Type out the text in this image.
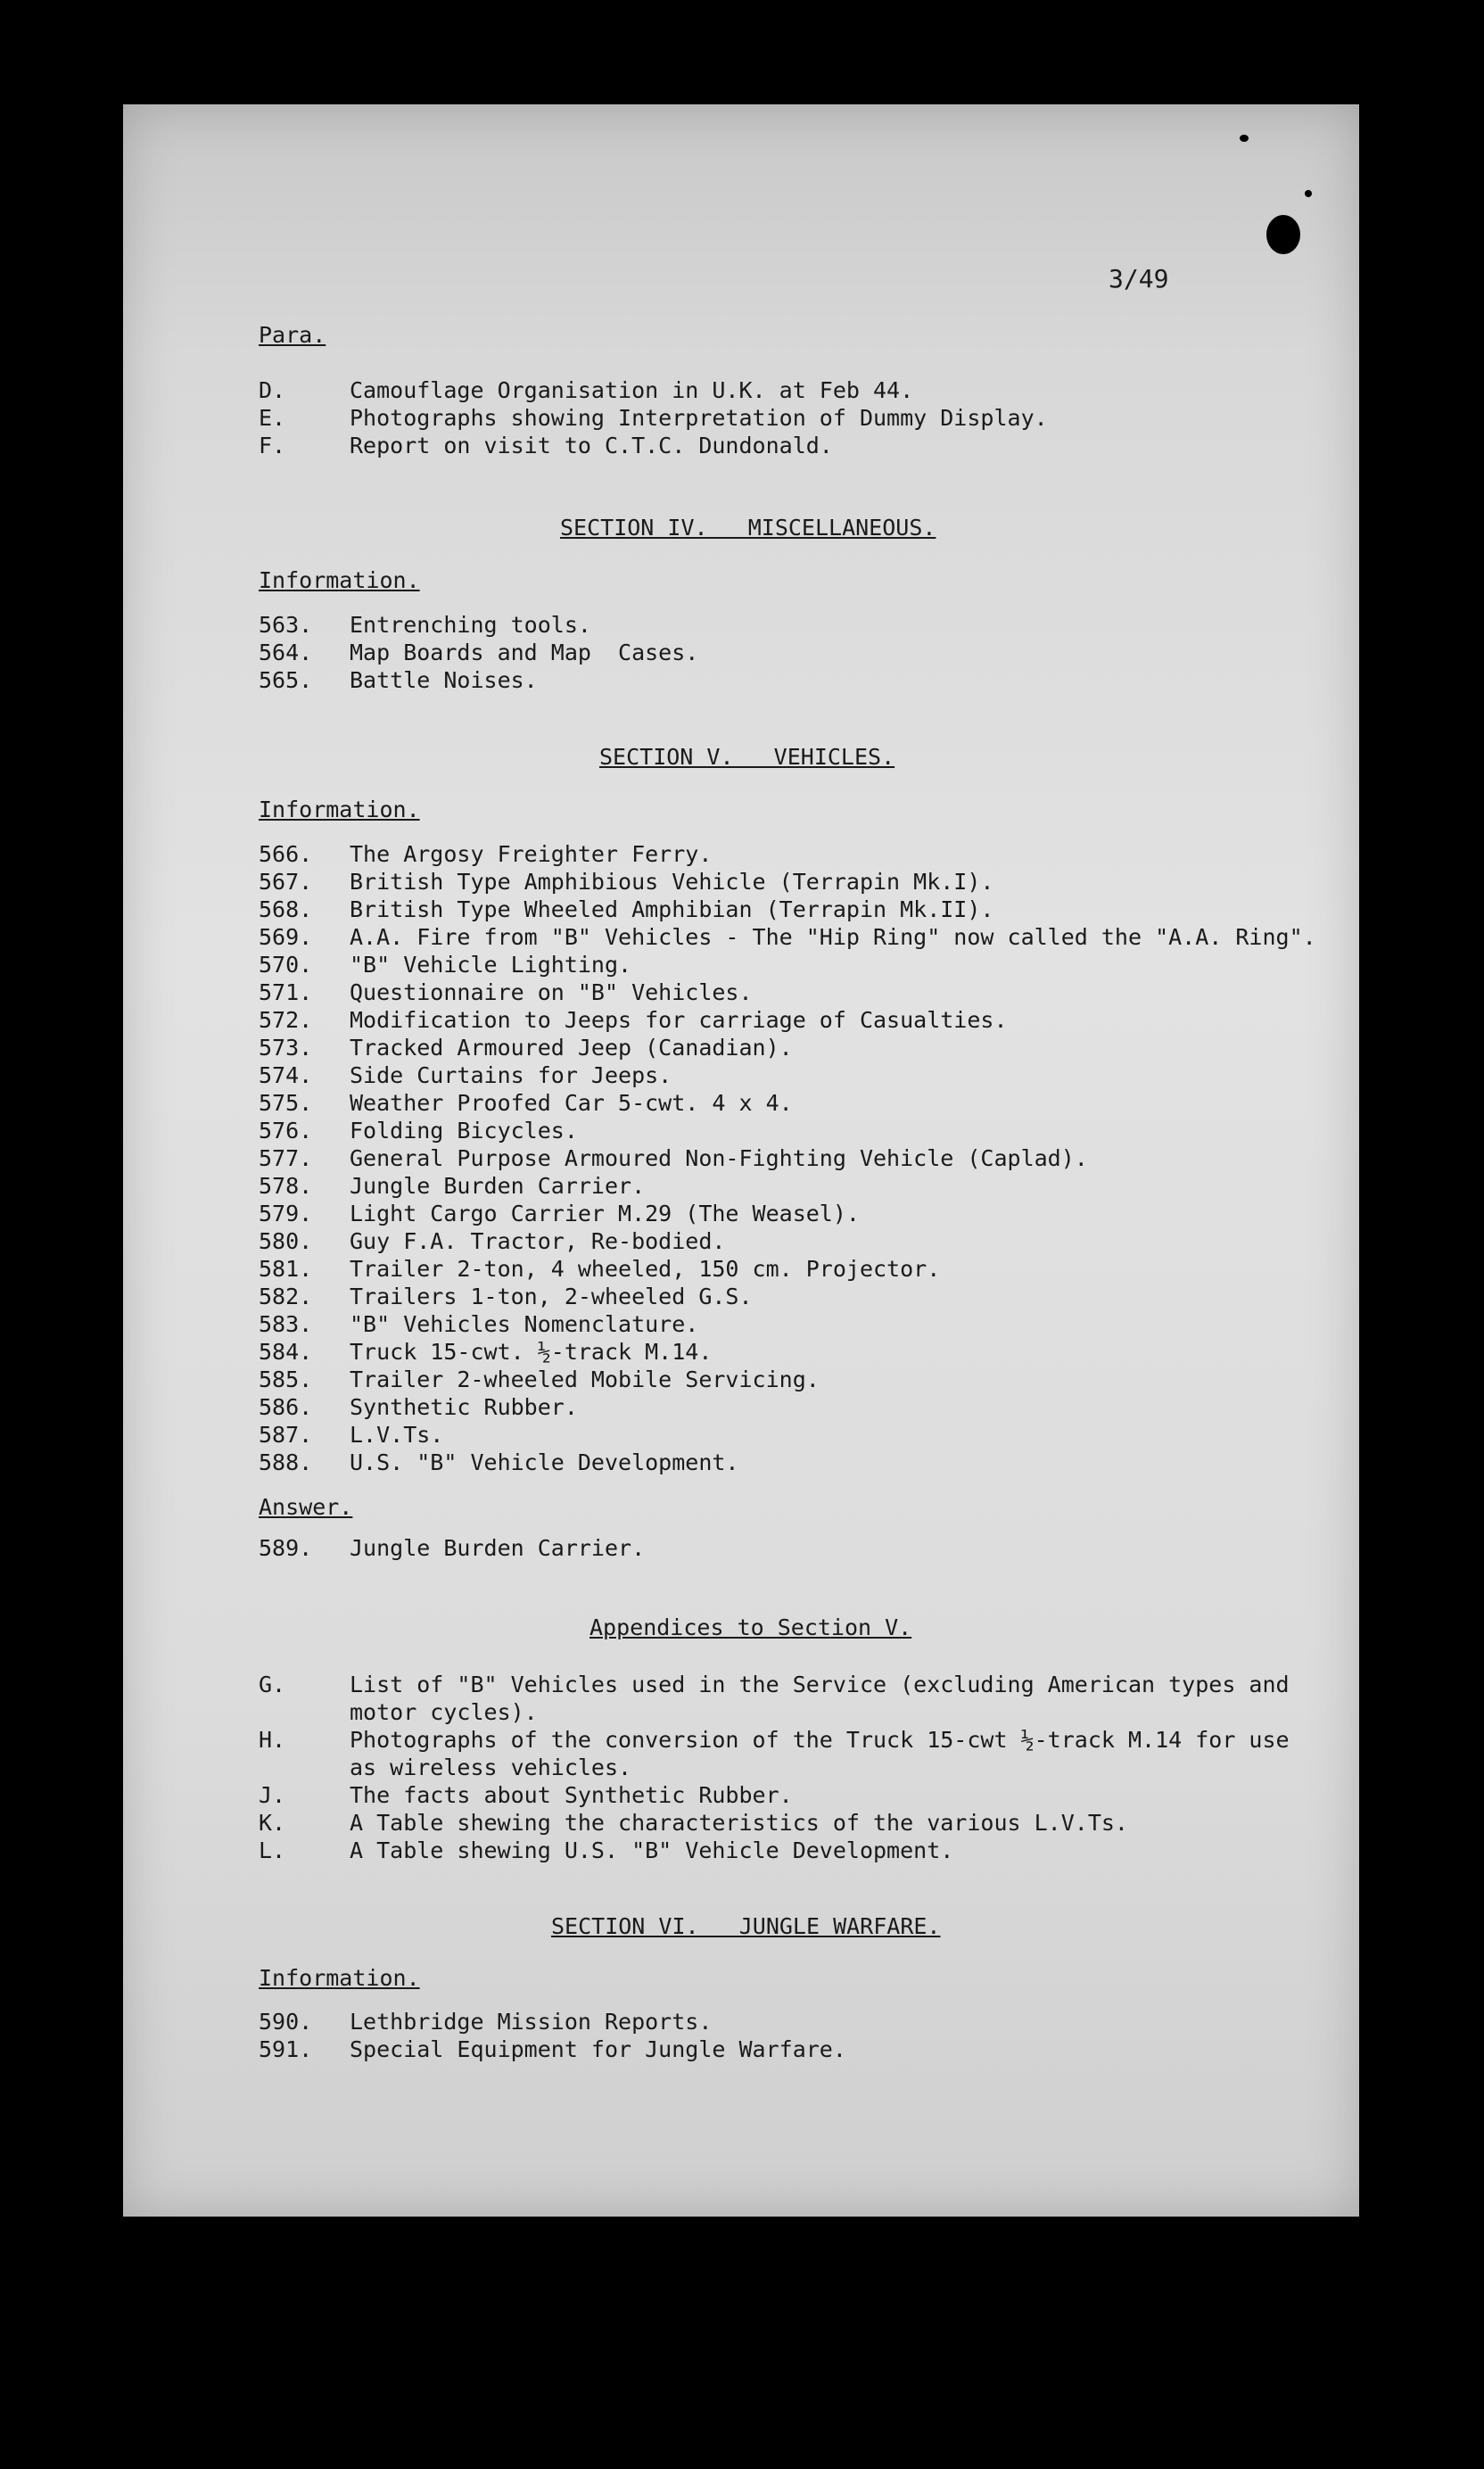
3/49
Para.
D.	Camouflage Organisation in U.K. at Feb 44.
E.	Photographs showing Interpretation of Dummy Display.
F.	Report on visit to C.T.C. Dundonald.
SECTION IV.   MISCELLANEOUS.
Information.
563.	Entrenching tools.
564.	Map Boards and Map  Cases.
565.	Battle Noises.
SECTION V.   VEHICLES.
Information.
566.	The Argosy Freighter Ferry.
567.	British Type Amphibious Vehicle (Terrapin Mk.I).
568.	British Type Wheeled Amphibian (Terrapin Mk.II).
569.	A.A. Fire from "B" Vehicles - The "Hip Ring" now called the "A.A. Ring".
570.	"B" Vehicle Lighting.
571.	Questionnaire on "B" Vehicles.
572.	Modification to Jeeps for carriage of Casualties.
573.	Tracked Armoured Jeep (Canadian).
574.	Side Curtains for Jeeps.
575.	Weather Proofed Car 5-cwt. 4 x 4.
576.	Folding Bicycles.
577.	General Purpose Armoured Non-Fighting Vehicle (Caplad).
578.	Jungle Burden Carrier.
579.	Light Cargo Carrier M.29 (The Weasel).
580.	Guy F.A. Tractor, Re-bodied.
581.	Trailer 2-ton, 4 wheeled, 150 cm. Projector.
582.	Trailers 1-ton, 2-wheeled G.S.
583.	"B" Vehicles Nomenclature.
584.	Truck 15-cwt. ½-track M.14.
585.	Trailer 2-wheeled Mobile Servicing.
586.	Synthetic Rubber.
587.	L.V.Ts.
588.	U.S. "B" Vehicle Development.
Answer.
589.	Jungle Burden Carrier.
Appendices to Section V.
G.	List of "B" Vehicles used in the Service (excluding American types and motor cycles).
H.	Photographs of the conversion of the Truck 15-cwt ½-track M.14 for use as wireless vehicles.
J.	The facts about Synthetic Rubber.
K.	A Table shewing the characteristics of the various L.V.Ts.
L.	A Table shewing U.S. "B" Vehicle Development.
SECTION VI.   JUNGLE WARFARE.
Information.
590.	Lethbridge Mission Reports.
591.	Special Equipment for Jungle Warfare.
